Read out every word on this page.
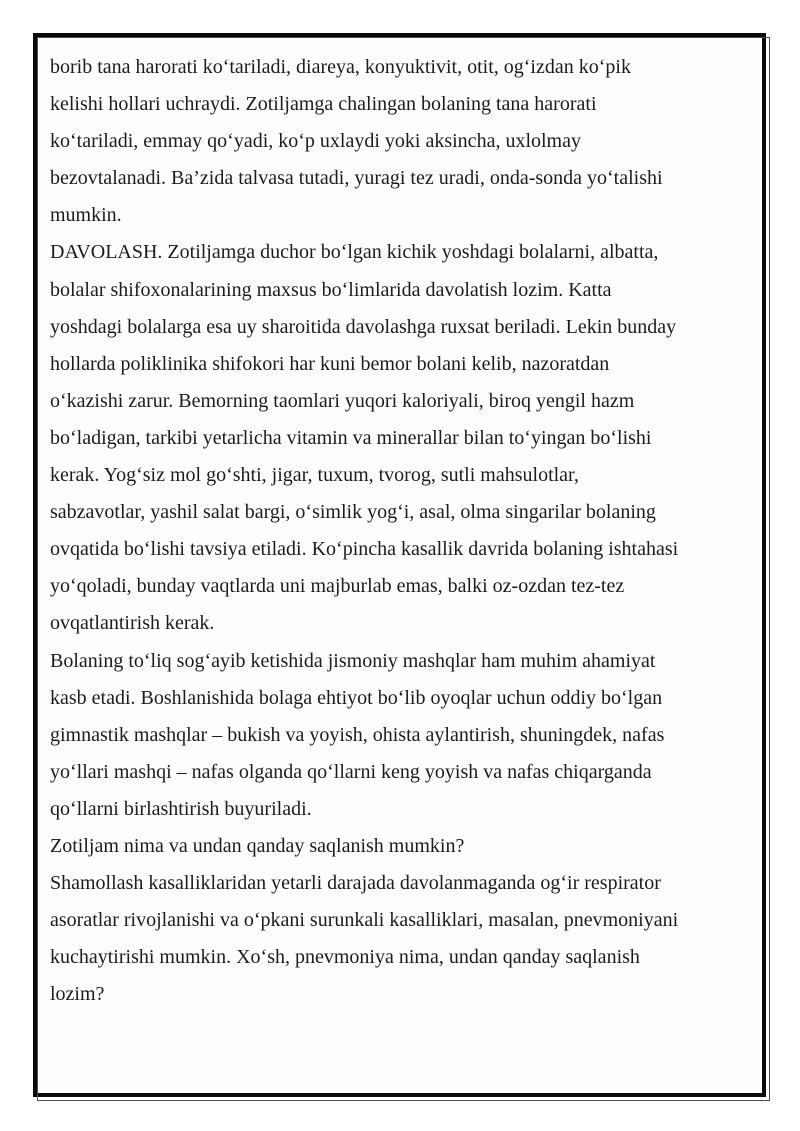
borib tana harorati ko‘tariladi, diareya, konyuktivit, otit, og‘izdan ko‘pik
kelishi hollari uchraydi. Zotiljamga chalingan bolaning tana harorati
ko‘tariladi, emmay qo‘yadi, ko‘p uxlaydi yoki aksincha, uxlolmay
bezovtalanadi. Ba’zida talvasa tutadi, yuragi tez uradi, onda-sonda yo‘talishi
mumkin.
DAVOLASH. Zotiljamga duchor bo‘lgan kichik yoshdagi bolalarni, albatta,
bolalar shifoxonalarining maxsus bo‘limlarida davolatish lozim. Katta
yoshdagi bolalarga esa uy sharoitida davolashga ruxsat beriladi. Lekin bunday
hollarda poliklinika shifokori har kuni bemor bolani kelib, nazoratdan
o‘kazishi zarur. Bemorning taomlari yuqori kaloriyali, biroq yengil hazm
bo‘ladigan, tarkibi yetarlicha vitamin va minerallar bilan to‘yingan bo‘lishi
kerak. Yog‘siz mol go‘shti, jigar, tuxum, tvorog, sutli mahsulotlar,
sabzavotlar, yashil salat bargi, o‘simlik yog‘i, asal, olma singarilar bolaning
ovqatida bo‘lishi tavsiya etiladi. Ko‘pincha kasallik davrida bolaning ishtahasi
yo‘qoladi, bunday vaqtlarda uni majburlab emas, balki oz-ozdan tez-tez
ovqatlantirish kerak.
Bolaning to‘liq sog‘ayib ketishida jismoniy mashqlar ham muhim ahamiyat
kasb etadi. Boshlanishida bolaga ehtiyot bo‘lib oyoqlar uchun oddiy bo‘lgan
gimnastik mashqlar – bukish va yoyish, ohista aylantirish, shuningdek, nafas
yo‘llari mashqi – nafas olganda qo‘llarni keng yoyish va nafas chiqarganda
qo‘llarni birlashtirish buyuriladi.
Zotiljam nima va undan qanday saqlanish mumkin?
Shamollash kasalliklaridan yetarli darajada davolanmaganda og‘ir respirator
asoratlar rivojlanishi va o‘pkani surunkali kasalliklari, masalan, pnevmoniyani
kuchaytirishi mumkin. Xo‘sh, pnevmoniya nima, undan qanday saqlanish
lozim?
